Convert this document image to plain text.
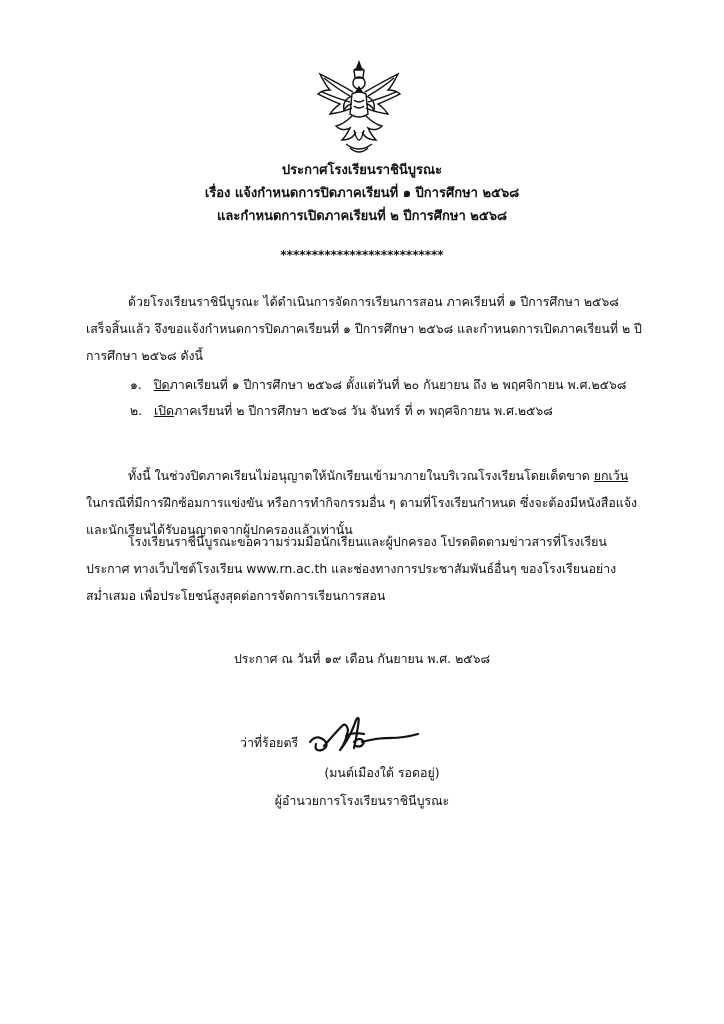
ประกาศโรงเรียนราชินีบูรณะ
เรื่อง แจ้งกำหนดการปิดภาคเรียนที่ ๑ ปีการศึกษา ๒๕๖๘
และกำหนดการเปิดภาคเรียนที่ ๒ ปีการศึกษา ๒๕๖๘
**************************
ด้วยโรงเรียนราชินีบูรณะ ได้ดำเนินการจัดการเรียนการสอน ภาคเรียนที่ ๑ ปีการศึกษา ๒๕๖๘ เสร็จสิ้นแล้ว จึงขอแจ้งกำหนดการปิดภาคเรียนที่ ๑ ปีการศึกษา ๒๕๖๘ และกำหนดการเปิดภาคเรียนที่ ๒ ปีการศึกษา ๒๕๖๘ ดังนี้
๑. ปิดภาคเรียนที่ ๑ ปีการศึกษา ๒๕๖๘ ตั้งแต่วันที่ ๒๐ กันยายน ถึง ๒ พฤศจิกายน พ.ศ.๒๕๖๘
๒. เปิดภาคเรียนที่ ๒ ปีการศึกษา ๒๕๖๘ วัน จันทร์ ที่ ๓ พฤศจิกายน พ.ศ.๒๕๖๘
ทั้งนี้ ในช่วงปิดภาคเรียนไม่อนุญาตให้นักเรียนเข้ามาภายในบริเวณโรงเรียนโดยเด็ดขาด ยกเว้น ในกรณีที่มีการฝึกซ้อมการแข่งขัน หรือการทำกิจกรรมอื่น ๆ ตามที่โรงเรียนกำหนด ซึ่งจะต้องมีหนังสือแจ้ง และนักเรียนได้รับอนุญาตจากผู้ปกครองแล้วเท่านั้น
โรงเรียนราชินีบูรณะขอความร่วมมือนักเรียนและผู้ปกครอง โปรดติดตามข่าวสารที่โรงเรียนประกาศ ทางเว็บไซต์โรงเรียน www.rn.ac.th และช่องทางการประชาสัมพันธ์อื่นๆ ของโรงเรียนอย่างสม่ำเสมอ เพื่อประโยชน์สูงสุดต่อการจัดการเรียนการสอน
ประกาศ ณ วันที่ ๑๙ เดือน กันยายน พ.ศ. ๒๕๖๘
ว่าที่ร้อยตรี
(มนต์เมืองใต้ รอดอยู่)
ผู้อำนวยการโรงเรียนราชินีบูรณะ
